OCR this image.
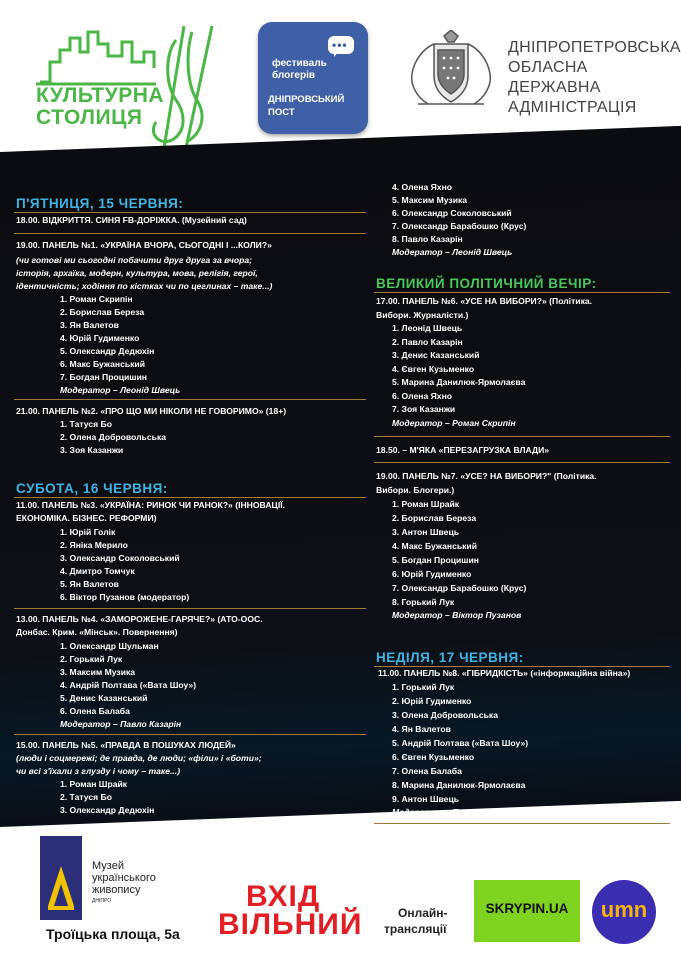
КУЛЬТУРНА
СТОЛИЦЯ
•••
фестиваль
блогерів
ДНІПРОВСЬКИЙ
ПОСТ
ДНІПРОПЕТРОВСЬКА
ОБЛАСНА
ДЕРЖАВНА
АДМІНІСТРАЦІЯ
П'ЯТНИЦЯ, 15 ЧЕРВНЯ:
18.00. ВІДКРИТТЯ. СИНЯ FB-ДОРІЖКА. (Музейний сад)
19.00. ПАНЕЛЬ №1. «УКРАЇНА ВЧОРА, СЬОГОДНІ І ...КОЛИ?»
(чи готові ми сьогодні побачити друг друга за вчора;
історія, архаїка, модерн, культура, мова, релігія, герої,
ідентичність; ходіння по кістках чи по цеглинах – таке...)
1. Роман Скрипін
2. Борислав Береза
3. Ян Валетов
4. Юрій Гудименко
5. Олександр Дедюхін
6. Макс Бужанський
7. Богдан Процишин
Модератор – Леонід Швець
21.00. ПАНЕЛЬ №2. «ПРО ЩО МИ НІКОЛИ НЕ ГОВОРИМО» (18+)
1. Татуся Бо
2. Олена Добровольська
3. Зоя Казанжи
СУБОТА, 16 ЧЕРВНЯ:
11.00. ПАНЕЛЬ №3. «УКРАЇНА: РИНОК ЧИ РАНОК?» (ІННОВАЦІЇ.
ЕКОНОМІКА. БІЗНЕС. РЕФОРМИ)
1. Юрій Голік
2. Яніка Мерило
3. Олександр Соколовський
4. Дмитро Томчук
5. Ян Валетов
6. Віктор Пузанов (модератор)
13.00. ПАНЕЛЬ №4. «ЗАМОРОЖЕНЕ-ГАРЯЧЕ?» (АТО-ООС.
Донбас. Крим. «Мінськ». Повернення)
1. Олександр Шульман
2. Горький Лук
3. Максим Музика
4. Андрій Полтава («Вата Шоу»)
5. Денис Казанський
6. Олена Балаба
Модератор – Павло Казарін
15.00. ПАНЕЛЬ №5. «ПРАВДА В ПОШУКАХ ЛЮДЕЙ»
(люди і соцмережі; де правда, де люди; «філи» і «боти»;
чи всі з'їхали з глузду і чому – таке...)
1. Роман Шрайк
2. Татуся Бо
3. Олександр Дедюхін
4. Олена Яхно
5. Максим Музика
6. Олександр Соколовський
7. Олександр Барабошко (Крус)
8. Павло Казарін
Модератор – Леонід Швець
ВЕЛИКИЙ ПОЛІТИЧНИЙ ВЕЧІР:
17.00. ПАНЕЛЬ №6. «УСЕ НА ВИБОРИ?» (Політика.
Вибори. Журналісти.)
1. Леонід Швець
2. Павло Казарін
3. Денис Казанський
4. Євген Кузьменко
5. Марина Данилюк-Ярмолаєва
6. Олена Яхно
7. Зоя Казанжи
Модератор – Роман Скрипін
18.50. – М'ЯКА «ПЕРЕЗАГРУЗКА ВЛАДИ»
19.00. ПАНЕЛЬ №7. «УСЕ? НА ВИБОРИ?" (Політика.
Вибори. Блогери.)
1. Роман Шрайк
2. Борислав Береза
3. Антон Швець
4. Макс Бужанський
5. Богдан Процишин
6. Юрій Гудименко
7. Олександр Барабошко (Крус)
8. Горький Лук
Модератор – Віктор Пузанов
НЕДІЛЯ, 17 ЧЕРВНЯ:
11.00. ПАНЕЛЬ №8. «ГІБРИДКІСТЬ» («інформаційна війна»)
1. Горький Лук
2. Юрій Гудименко
3. Олена Добровольська
4. Ян Валетов
5. Андрій Полтава («Вата Шоу»)
6. Євген Кузьменко
7. Олена Балаба
8. Марина Данилюк-Ярмолаєва
9. Антон Швець
Модератор – Павло Казарін
Музей
українського
живопису
ДНІПРО
Троїцька площа, 5а
ВХІД
ВІЛЬНИЙ	Онлайн-
трансляції
SKRYPIN.UA	umn
